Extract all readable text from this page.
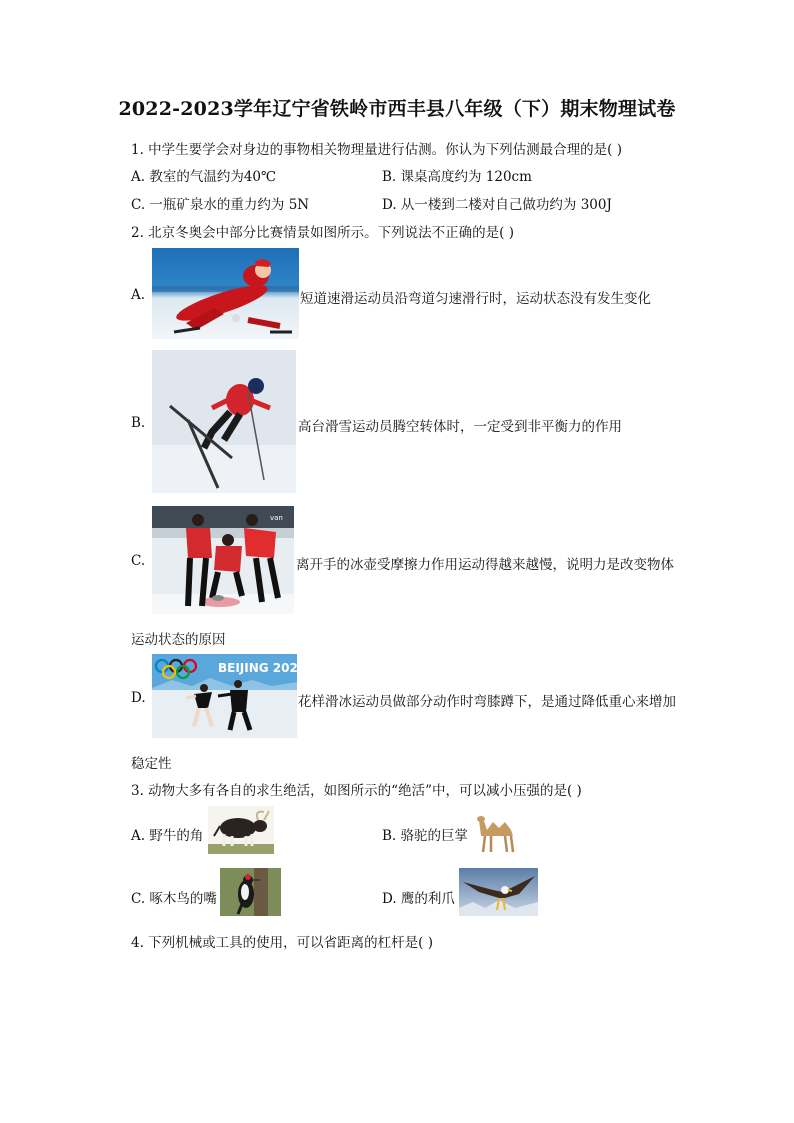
2022-2023学年辽宁省铁岭市西丰县八年级（下）期末物理试卷
1. 中学生要学会对身边的事物相关物理量进行估测。你认为下列估测最合理的是( )
A. 教室的气温约为40℃	B. 课桌高度约为 120cm
C. 一瓶矿泉水的重力约为 5N	D. 从一楼到二楼对自己做功约为 300J
2. 北京冬奥会中部分比赛情景如图所示。下列说法不正确的是( )
A.	短道速滑运动员沿弯道匀速滑行时，运动状态没有发生变化
B.	高台滑雪运动员腾空转体时，一定受到非平衡力的作用
C.
van
离开手的冰壶受摩擦力作用运动得越来越慢，说明力是改变物体
运动状态的原因
D.
BEIJING 2022
花样滑冰运动员做部分动作时弯膝蹲下，是通过降低重心来增加
稳定性
3. 动物大多有各自的求生绝活，如图所示的“绝活”中，可以减小压强的是( )
A. 野牛的角	B. 骆驼的巨掌
C. 啄木鸟的嘴	D. 鹰的利爪
4. 下列机械或工具的使用，可以省距离的杠杆是( )
